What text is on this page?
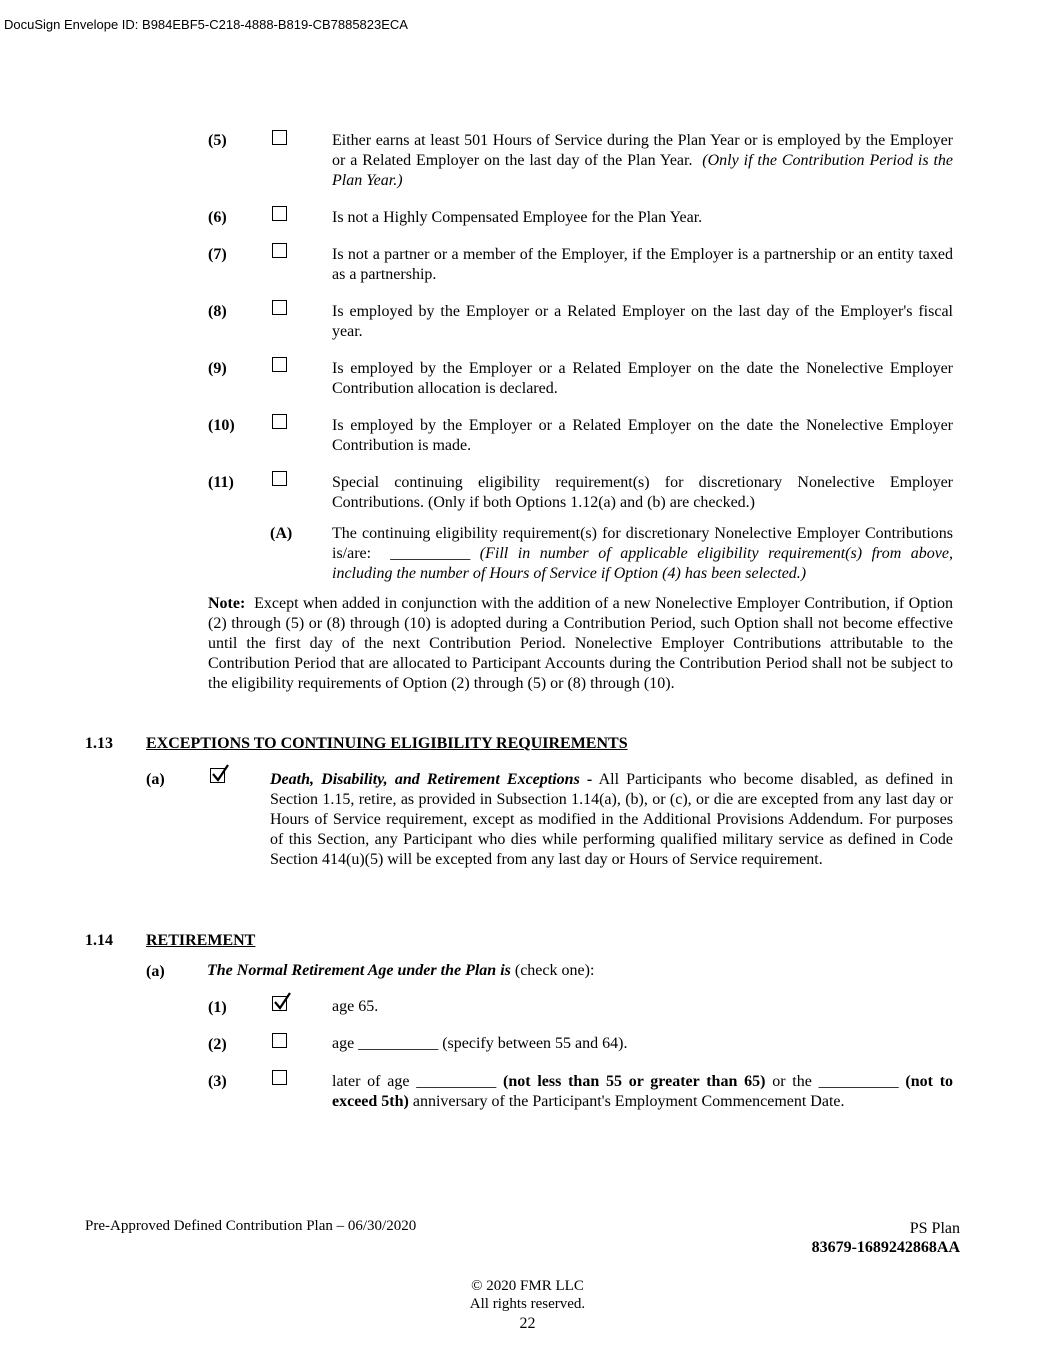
DocuSign Envelope ID: B984EBF5-C218-4888-B819-CB7885823ECA
(5)	Either earns at least 501 Hours of Service during the Plan Year or is employed by the Employer or a Related Employer on the last day of the Plan Year. (Only if the Contribution Period is the Plan Year.)
(6)	Is not a Highly Compensated Employee for the Plan Year.
(7)	Is not a partner or a member of the Employer, if the Employer is a partnership or an entity taxed as a partnership.
(8)	Is employed by the Employer or a Related Employer on the last day of the Employer's fiscal year.
(9)	Is employed by the Employer or a Related Employer on the date the Nonelective Employer Contribution allocation is declared.
(10)	Is employed by the Employer or a Related Employer on the date the Nonelective Employer Contribution is made.
(11)	Special continuing eligibility requirement(s) for discretionary Nonelective Employer Contributions. (Only if both Options 1.12(a) and (b) are checked.)
(A) The continuing eligibility requirement(s) for discretionary Nonelective Employer Contributions is/are: __________ (Fill in number of applicable eligibility requirement(s) from above, including the number of Hours of Service if Option (4) has been selected.)
Note: Except when added in conjunction with the addition of a new Nonelective Employer Contribution, if Option (2) through (5) or (8) through (10) is adopted during a Contribution Period, such Option shall not become effective until the first day of the next Contribution Period. Nonelective Employer Contributions attributable to the Contribution Period that are allocated to Participant Accounts during the Contribution Period shall not be subject to the eligibility requirements of Option (2) through (5) or (8) through (10).
1.13 EXCEPTIONS TO CONTINUING ELIGIBILITY REQUIREMENTS
(a)	Death, Disability, and Retirement Exceptions - All Participants who become disabled, as defined in Section 1.15, retire, as provided in Subsection 1.14(a), (b), or (c), or die are excepted from any last day or Hours of Service requirement, except as modified in the Additional Provisions Addendum. For purposes of this Section, any Participant who dies while performing qualified military service as defined in Code Section 414(u)(5) will be excepted from any last day or Hours of Service requirement.
1.14 RETIREMENT
(a)	The Normal Retirement Age under the Plan is (check one):
(1)	age 65.
(2)	age __________ (specify between 55 and 64).
(3)	later of age __________ (not less than 55 or greater than 65) or the __________ (not to exceed 5th) anniversary of the Participant's Employment Commencement Date.
Pre-Approved Defined Contribution Plan – 06/30/2020	PS Plan
83679-1689242868AA
© 2020 FMR LLC
All rights reserved.
22
